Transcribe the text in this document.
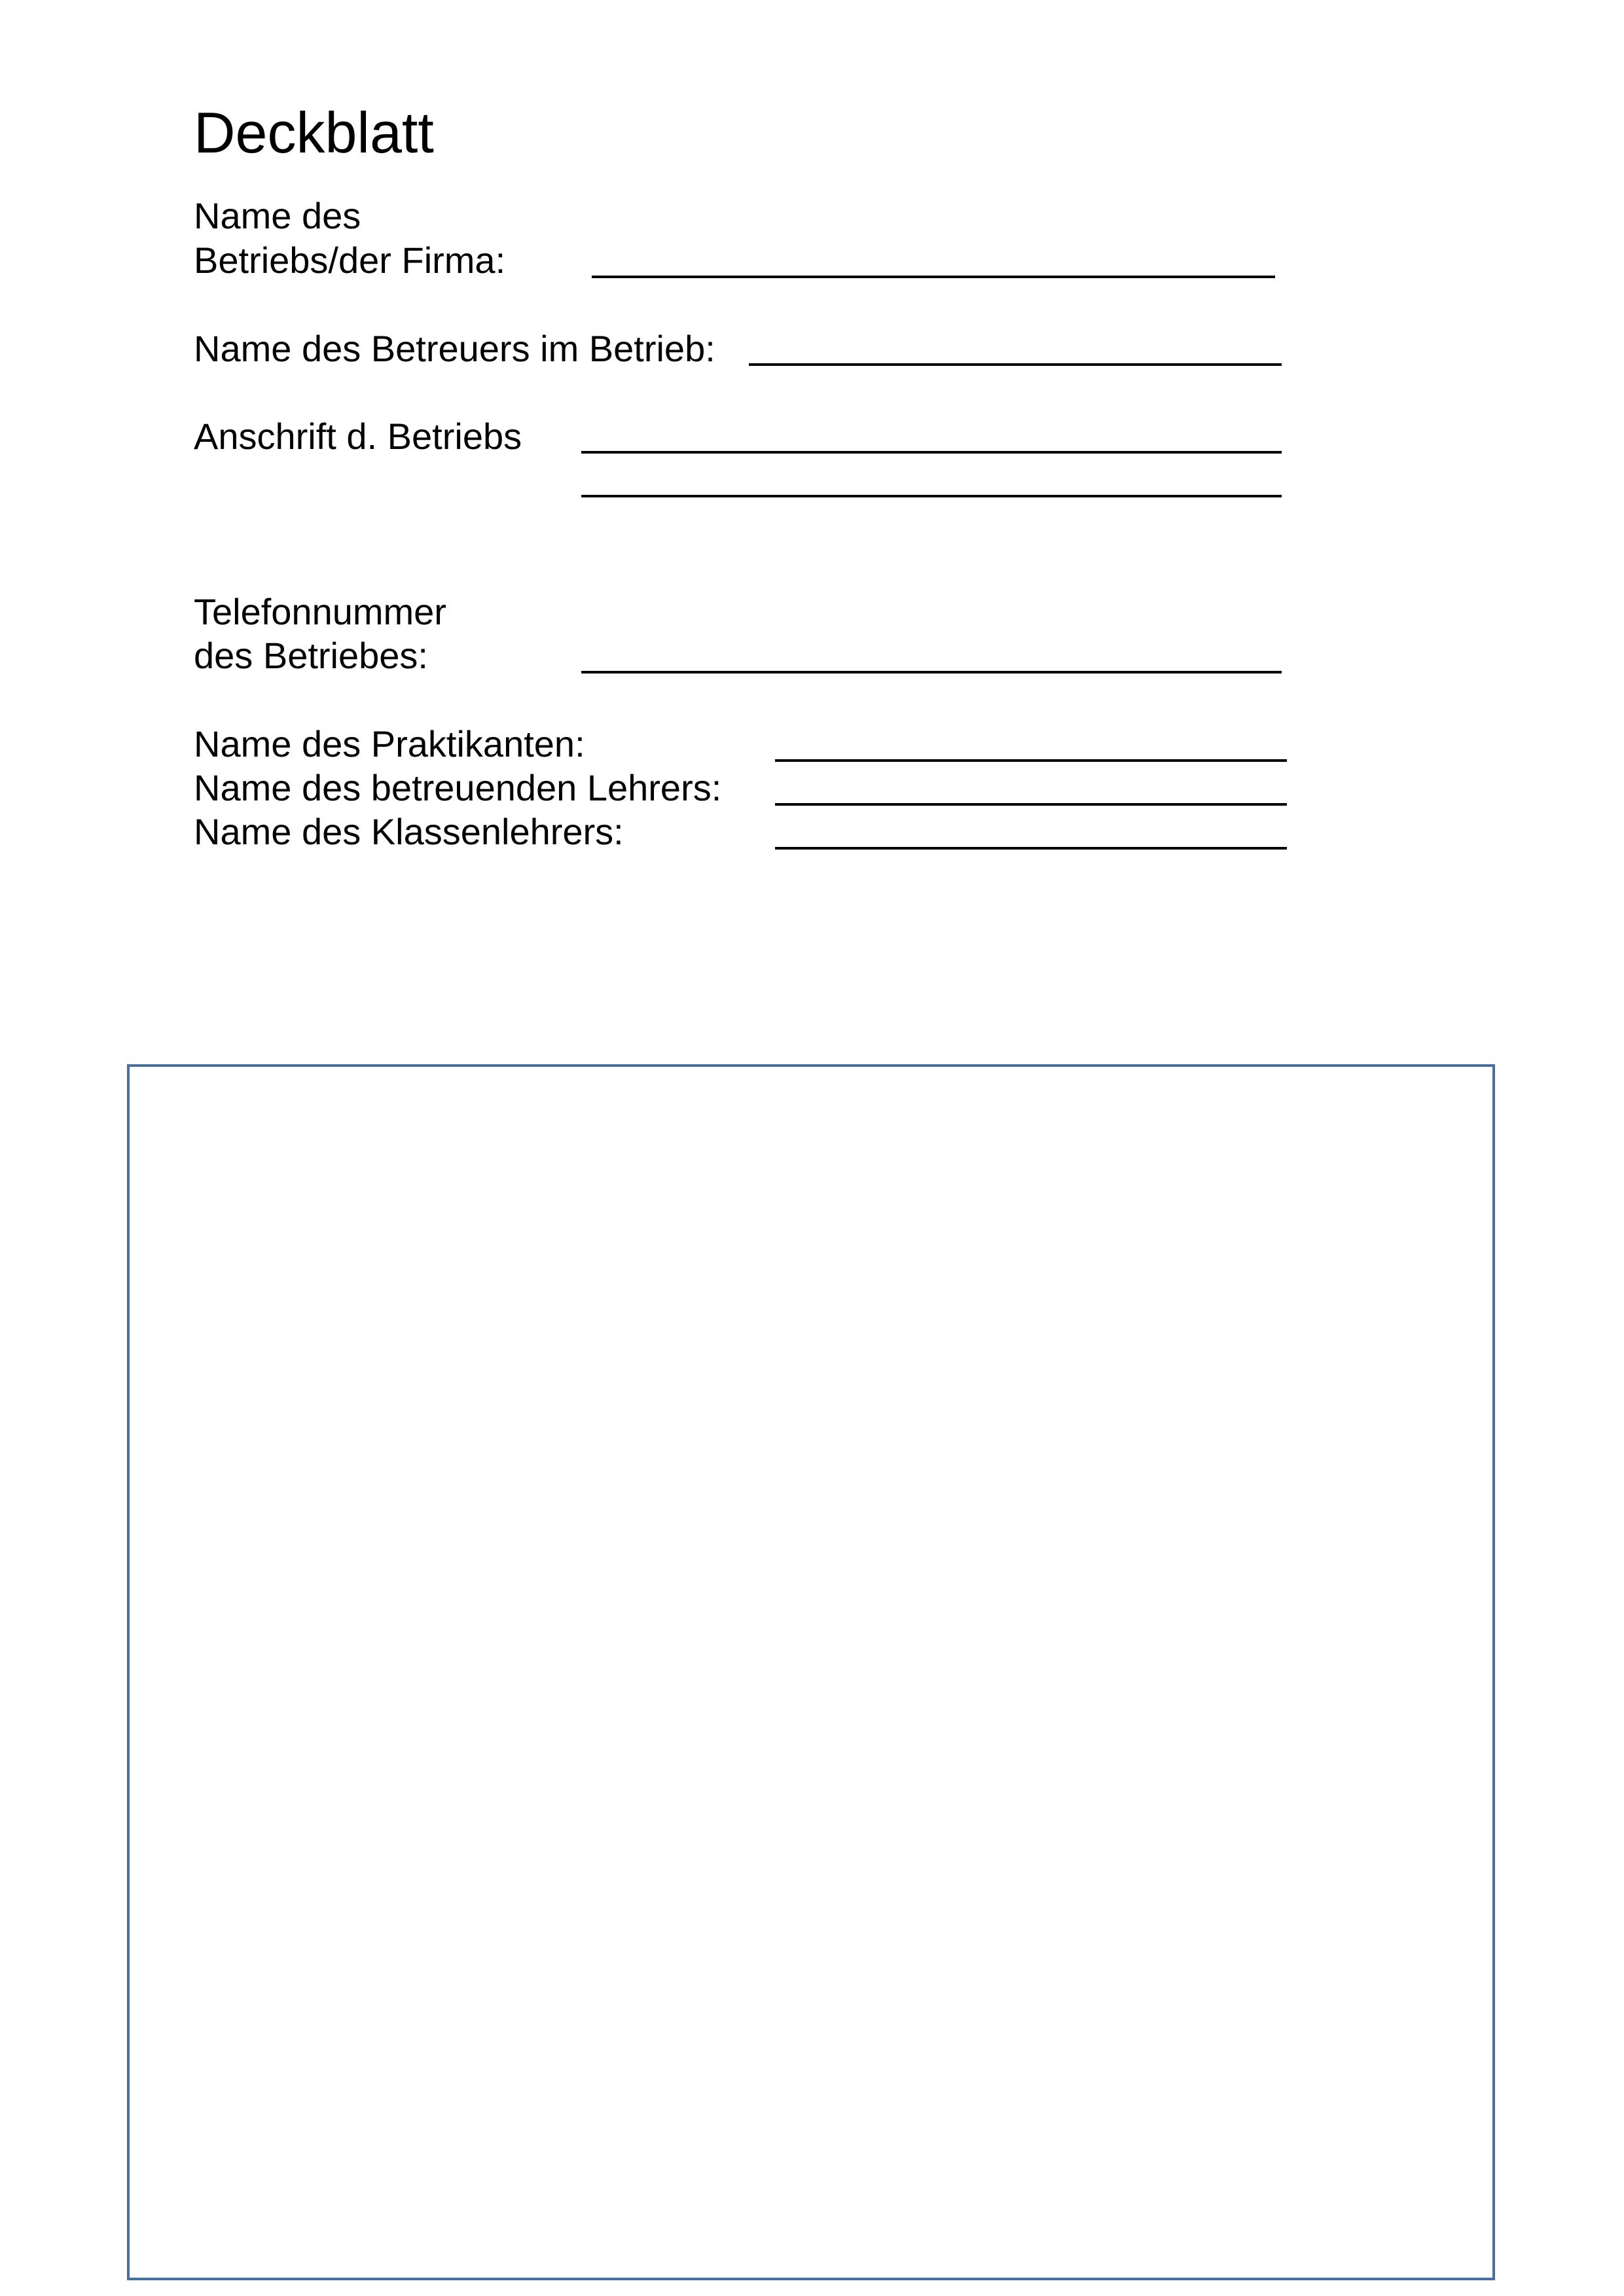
Deckblatt
Name des
Betriebs/der Firma:
Name des Betreuers im Betrieb:
Anschrift d. Betriebs
Telefonnummer
des Betriebes:
Name des Praktikanten:
Name des betreuenden Lehrers:
Name des Klassenlehrers:
